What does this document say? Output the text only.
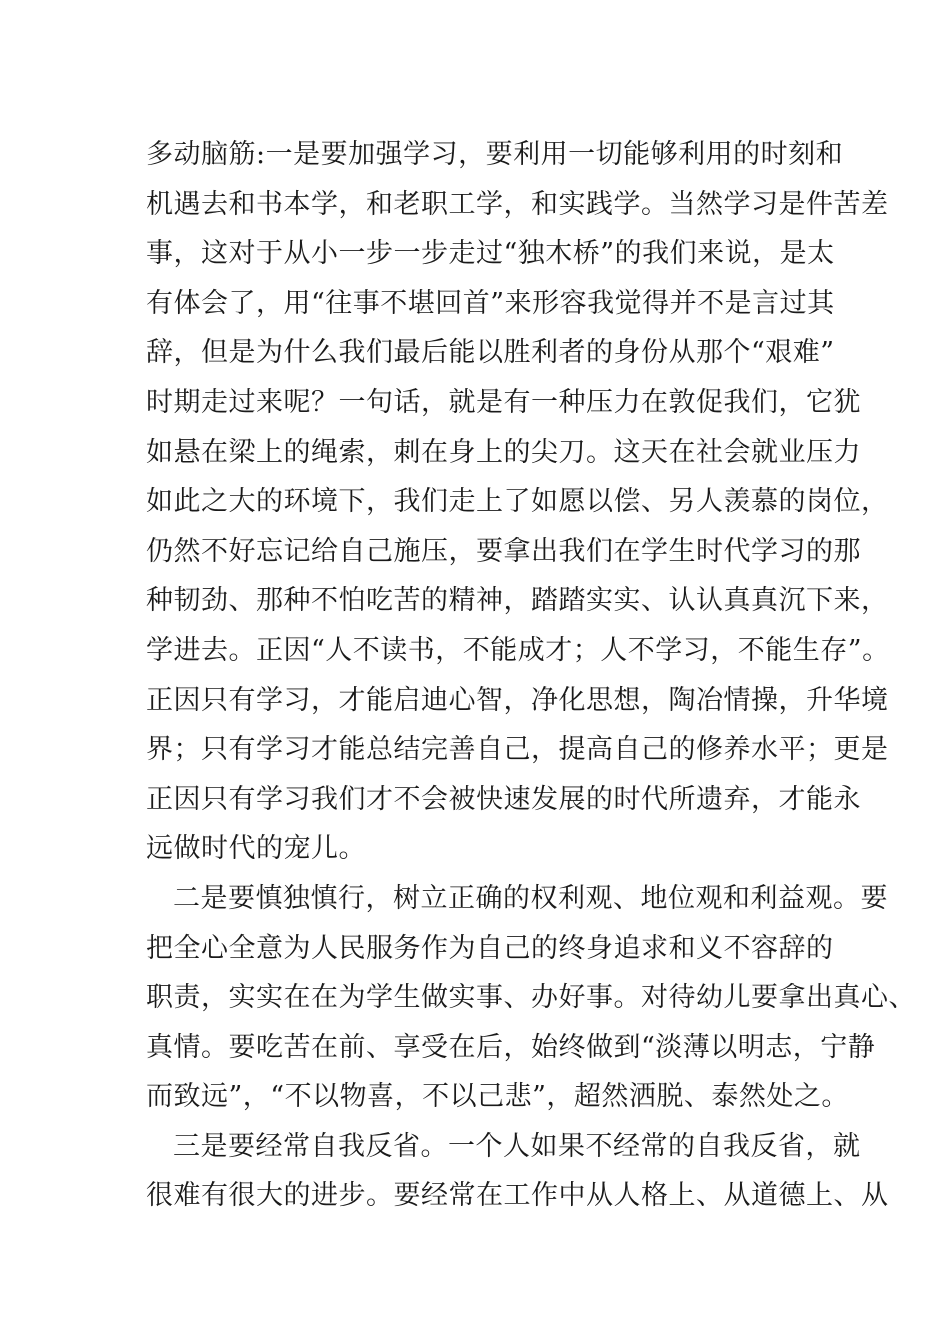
多动脑筋:一是要加强学习，要利用一切能够利用的时刻和
机遇去和书本学，和老职工学，和实践学。当然学习是件苦差
事，这对于从小一步一步走过“独木桥”的我们来说，是太
有体会了，用“往事不堪回首”来形容我觉得并不是言过其
辞，但是为什么我们最后能以胜利者的身份从那个“艰难”
时期走过来呢？一句话，就是有一种压力在敦促我们，它犹
如悬在梁上的绳索，刺在身上的尖刀。这天在社会就业压力
如此之大的环境下，我们走上了如愿以偿、另人羡慕的岗位，
仍然不好忘记给自己施压，要拿出我们在学生时代学习的那
种韧劲、那种不怕吃苦的精神，踏踏实实、认认真真沉下来，
学进去。正因“人不读书，不能成才；人不学习，不能生存”。
正因只有学习，才能启迪心智，净化思想，陶冶情操，升华境
界；只有学习才能总结完善自己，提高自己的修养水平；更是
正因只有学习我们才不会被快速发展的时代所遗弃，才能永
远做时代的宠儿。
二是要慎独慎行，树立正确的权利观、地位观和利益观。要
把全心全意为人民服务作为自己的终身追求和义不容辞的
职责，实实在在为学生做实事、办好事。对待幼儿要拿出真心、
真情。要吃苦在前、享受在后，始终做到“淡薄以明志，宁静
而致远”，“不以物喜，不以己悲”，超然洒脱、泰然处之。
三是要经常自我反省。一个人如果不经常的自我反省，就
很难有很大的进步。要经常在工作中从人格上、从道德上、从
